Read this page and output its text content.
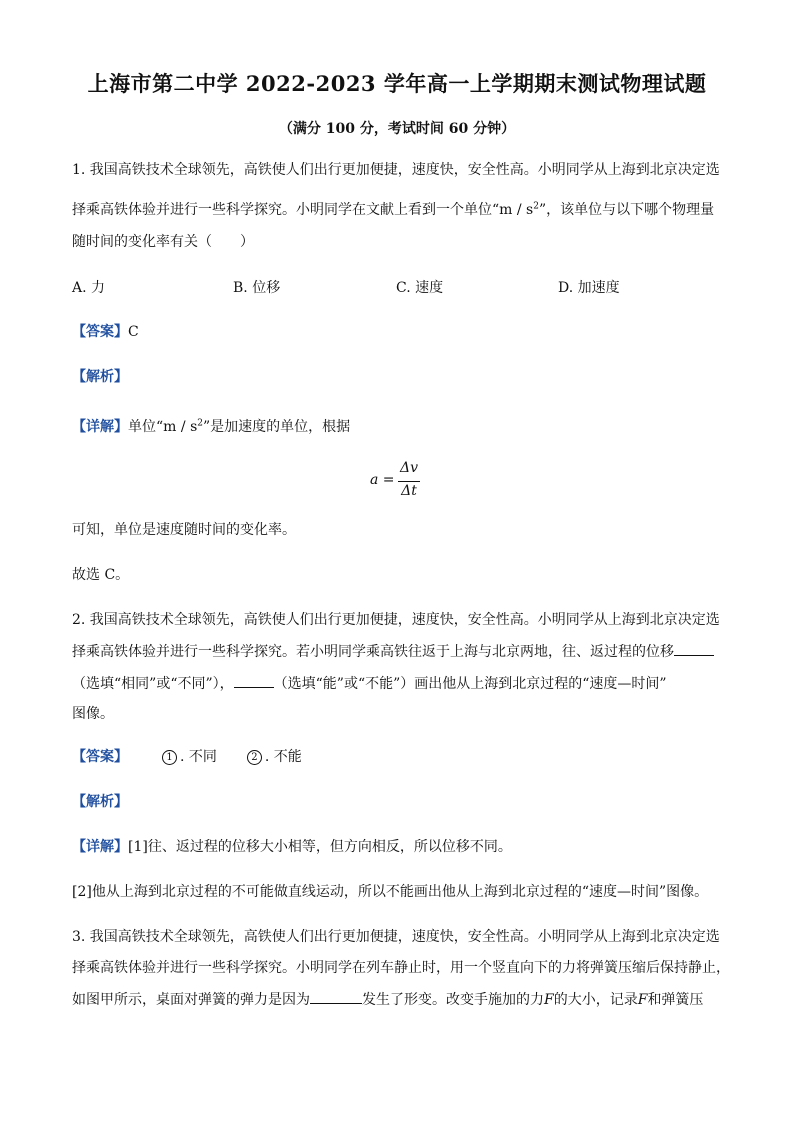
上海市第二中学 2022-2023 学年高一上学期期末测试物理试题
（满分 100 分，考试时间 60 分钟）
1. 我国高铁技术全球领先，高铁使人们出行更加便捷，速度快，安全性高。小明同学从上海到北京决定选
择乘高铁体验并进行一些科学探究。小明同学在文献上看到一个单位“m / $s^2$”，该单位与以下哪个物理量
随时间的变化率有关（　　）
A. 力	B. 位移	C. 速度	D. 加速度
【答案】C
【解析】
【详解】单位“m / $s^2$”是加速度的单位，根据
a =
Δv
Δt
可知，单位是速度随时间的变化率。
故选 C。
2. 我国高铁技术全球领先，高铁使人们出行更加便捷，速度快，安全性高。小明同学从上海到北京决定选
择乘高铁体验并进行一些科学探究。若小明同学乘高铁往返于上海与北京两地，往、返过程的位移
（选填“相同”或“不同”），	（选填“能”或“不能”）画出他从上海到北京过程的“速度—时间”
图像。
【答案】	1 . 不同	2 . 不能
【解析】
【详解】[1]往、返过程的位移大小相等，但方向相反，所以位移不同。
[2]他从上海到北京过程的不可能做直线运动，所以不能画出他从上海到北京过程的“速度—时间”图像。
3. 我国高铁技术全球领先，高铁使人们出行更加便捷，速度快，安全性高。小明同学从上海到北京决定选
择乘高铁体验并进行一些科学探究。小明同学在列车静止时，用一个竖直向下的力将弹簧压缩后保持静止，
如图甲所示，桌面对弹簧的弹力是因为	发生了形变。改变手施加的力F的大小，记录F和弹簧压
